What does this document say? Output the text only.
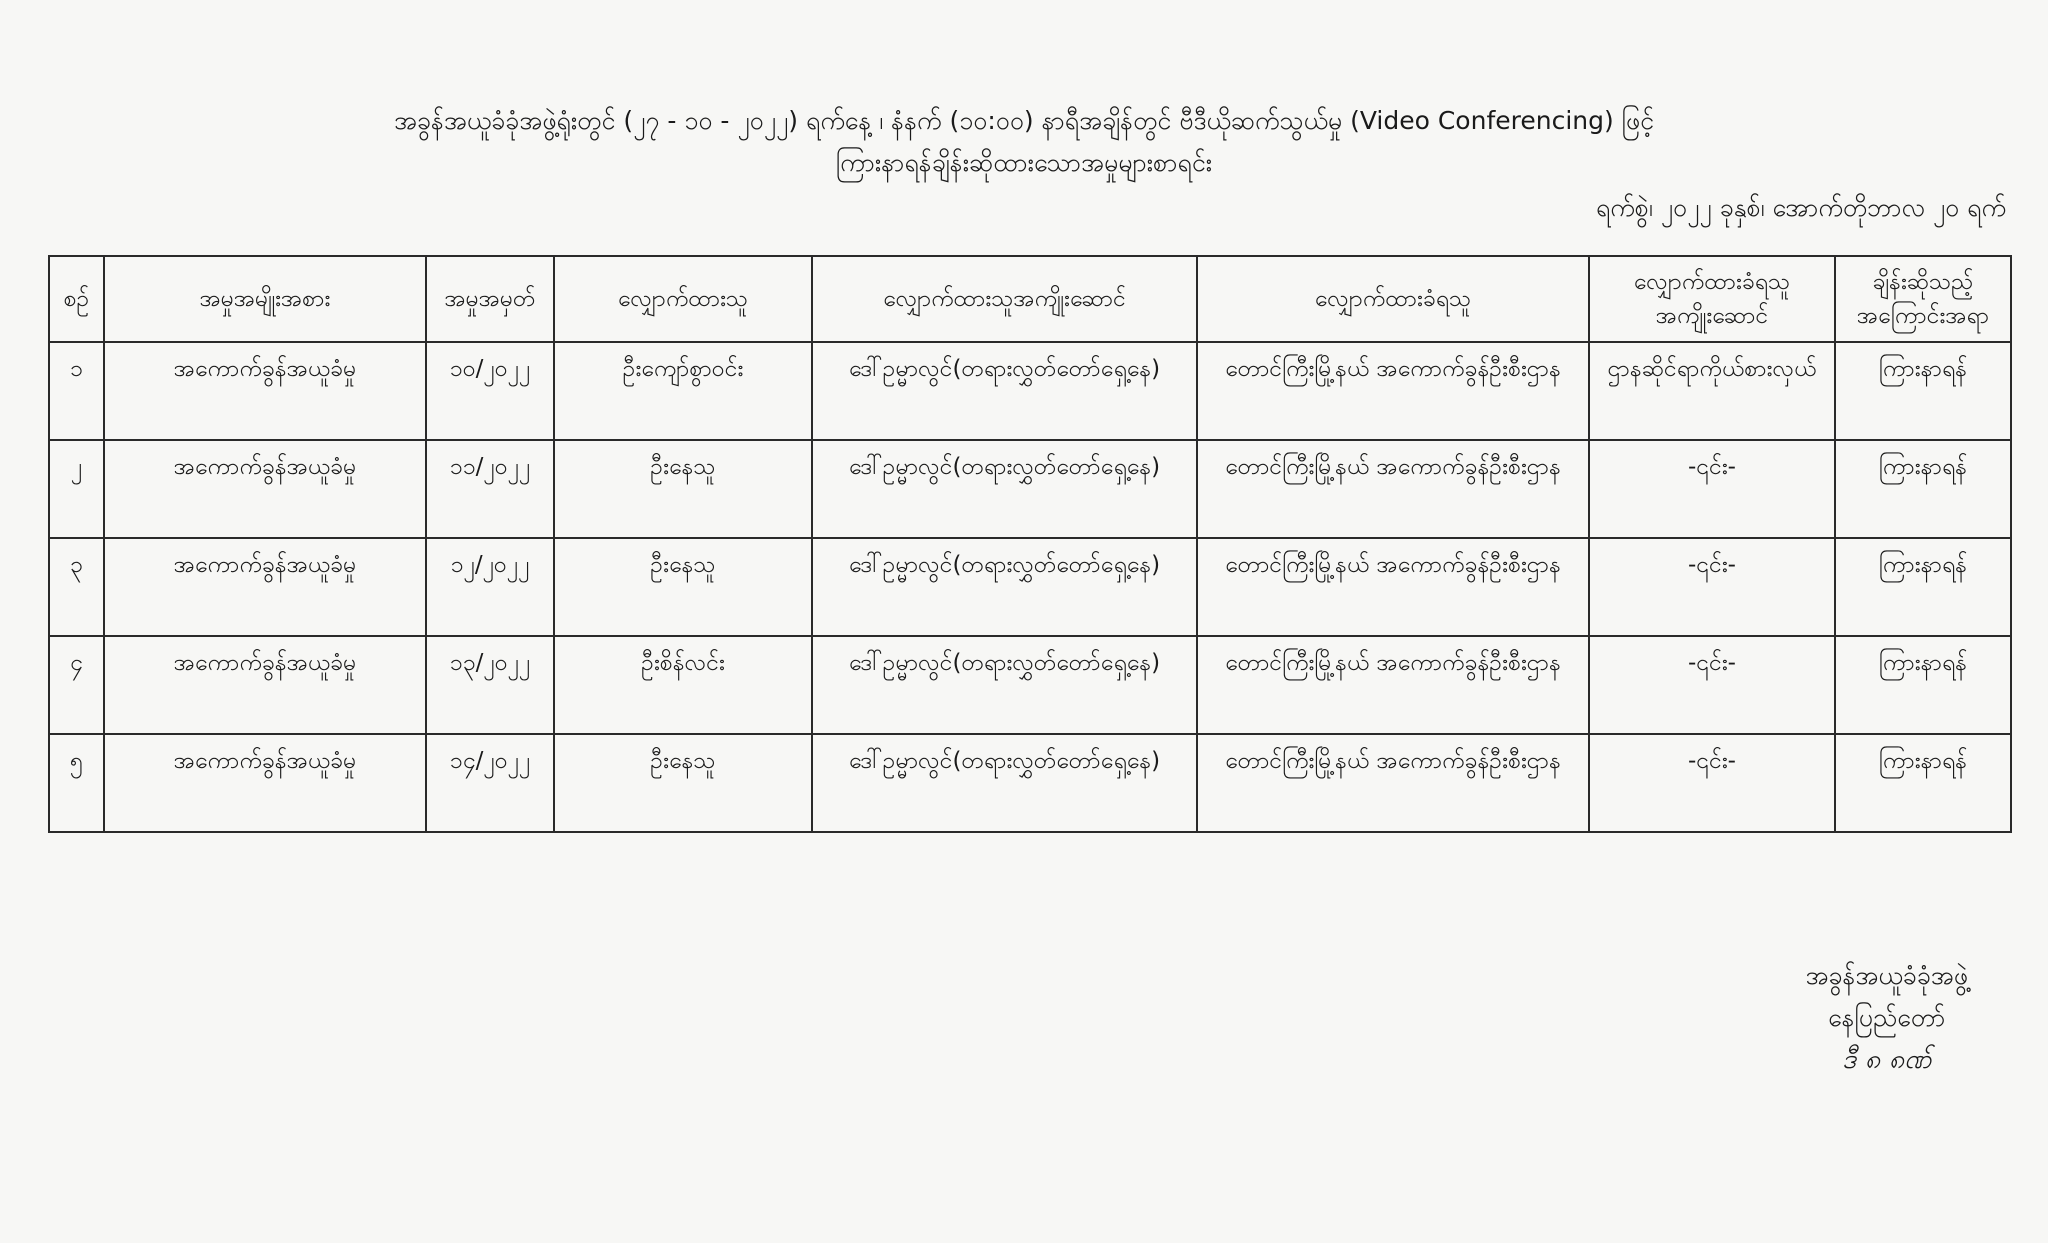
အခွန်အယူခံခုံအဖွဲ့ရုံးတွင် (၂၇ - ၁၀ - ၂၀၂၂) ရက်နေ့ ၊ နံနက် (၁၀:၀၀) နာရီအချိန်တွင် ဗီဒီယိုဆက်သွယ်မှု (Video Conferencing) ဖြင့်
ကြားနာရန်ချိန်းဆိုထားသောအမှုများစာရင်း
ရက်စွဲ၊ ၂၀၂၂ ခုနှစ်၊ အောက်တိုဘာလ ၂၀ ရက်
စဉ်	အမှုအမျိုးအစား	အမှုအမှတ်	လျှောက်ထားသူ	လျှောက်ထားသူအကျိုးဆောင်	လျှောက်ထားခံရသူ	လျှောက်ထားခံရသူ အကျိုးဆောင်	ချိန်းဆိုသည့် အကြောင်းအရာ
၁	အကောက်ခွန်အယူခံမှု	၁၀/၂၀၂၂	ဦးကျော်စွာဝင်း	ဒေါ်ဥမ္မာလွင်(တရားလွှတ်တော်ရှေ့နေ)	တောင်ကြီးမြို့နယ် အကောက်ခွန်ဦးစီးဌာန	ဌာနဆိုင်ရာကိုယ်စားလှယ်	ကြားနာရန်
၂	အကောက်ခွန်အယူခံမှု	၁၁/၂၀၂၂	ဦးနေသူ	ဒေါ်ဥမ္မာလွင်(တရားလွှတ်တော်ရှေ့နေ)	တောင်ကြီးမြို့နယ် အကောက်ခွန်ဦးစီးဌာန	-၎င်း-	ကြားနာရန်
၃	အကောက်ခွန်အယူခံမှု	၁၂/၂၀၂၂	ဦးနေသူ	ဒေါ်ဥမ္မာလွင်(တရားလွှတ်တော်ရှေ့နေ)	တောင်ကြီးမြို့နယ် အကောက်ခွန်ဦးစီးဌာန	-၎င်း-	ကြားနာရန်
၄	အကောက်ခွန်အယူခံမှု	၁၃/၂၀၂၂	ဦးစိန်လင်း	ဒေါ်ဥမ္မာလွင်(တရားလွှတ်တော်ရှေ့နေ)	တောင်ကြီးမြို့နယ် အကောက်ခွန်ဦးစီးဌာန	-၎င်း-	ကြားနာရန်
၅	အကောက်ခွန်အယူခံမှု	၁၄/၂၀၂၂	ဦးနေသူ	ဒေါ်ဥမ္မာလွင်(တရားလွှတ်တော်ရှေ့နေ)	တောင်ကြီးမြို့နယ် အကောက်ခွန်ဦးစီးဌာန	-၎င်း-	ကြားနာရန်
အခွန်အယူခံခုံအဖွဲ့
နေပြည်တော်
ဒီ ၈ ၈ဏ်
